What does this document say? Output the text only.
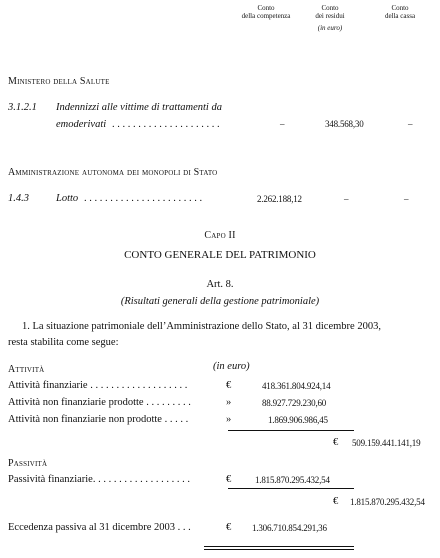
Conto
della competenza
Conto
dei residui
(in euro)
Conto
della cassa
Ministero della Salute
3.1.2.1 Indennizzi alle vittime di trattamenti da
emoderivati . . . . . . . . . . . . . . . . . . . . .	–	348.568,30	–
Amministrazione autonoma dei monopoli di Stato
1.4.3	Lotto . . . . . . . . . . . . . . . . . . . . . . .	2.262.188,12	–	–
Capo II
CONTO GENERALE DEL PATRIMONIO
Art. 8.
(Risultati generali della gestione patrimoniale)
1. La situazione patrimoniale dell’Amministrazione dello Stato, al 31 dicembre 2003,
resta stabilita come segue:
Attività	(in euro)
Attività finanziarie . . . . . . . . . . . . . . . . . . .	€	418.361.804.924,14
Attività non finanziarie prodotte . . . . . . . . .	»	88.927.729.230,60
Attività non finanziarie non prodotte . . . . .	»	1.869.906.986,45
€ 509.159.441.141,19
Passività
Passività finanziarie. . . . . . . . . . . . . . . . . . .	€	1.815.870.295.432,54
€ 1.815.870.295.432,54
Eccedenza passiva al 31 dicembre 2003 . . .	€ 1.306.710.854.291,36
